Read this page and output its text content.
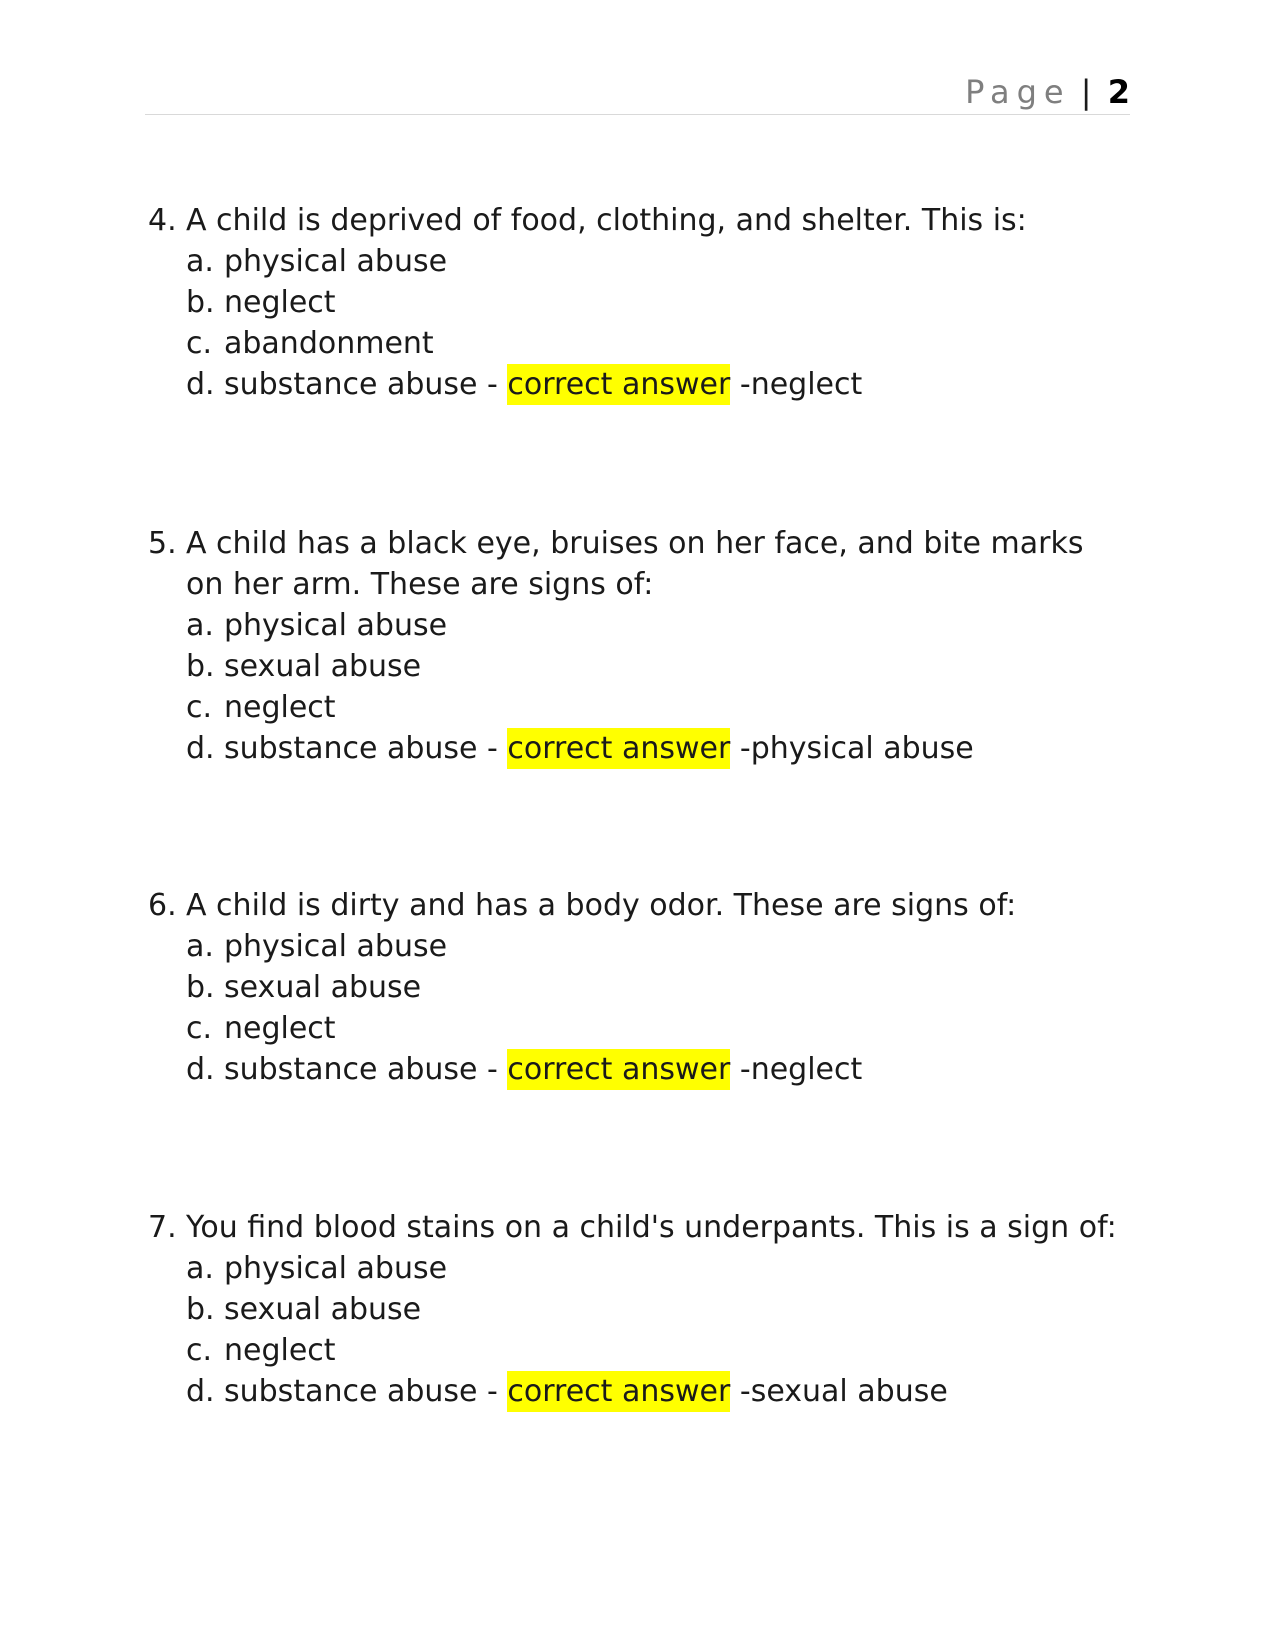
Page | 2
4. A child is deprived of food, clothing, and shelter. This is:
a. physical abuse
b. neglect
c. abandonment
d. substance abuse - correct answer -neglect
5. A child has a black eye, bruises on her face, and bite marks on her arm. These are signs of:
a. physical abuse
b. sexual abuse
c. neglect
d. substance abuse - correct answer -physical abuse
6. A child is dirty and has a body odor. These are signs of:
a. physical abuse
b. sexual abuse
c. neglect
d. substance abuse - correct answer -neglect
7. You find blood stains on a child's underpants. This is a sign of:
a. physical abuse
b. sexual abuse
c. neglect
d. substance abuse - correct answer -sexual abuse
